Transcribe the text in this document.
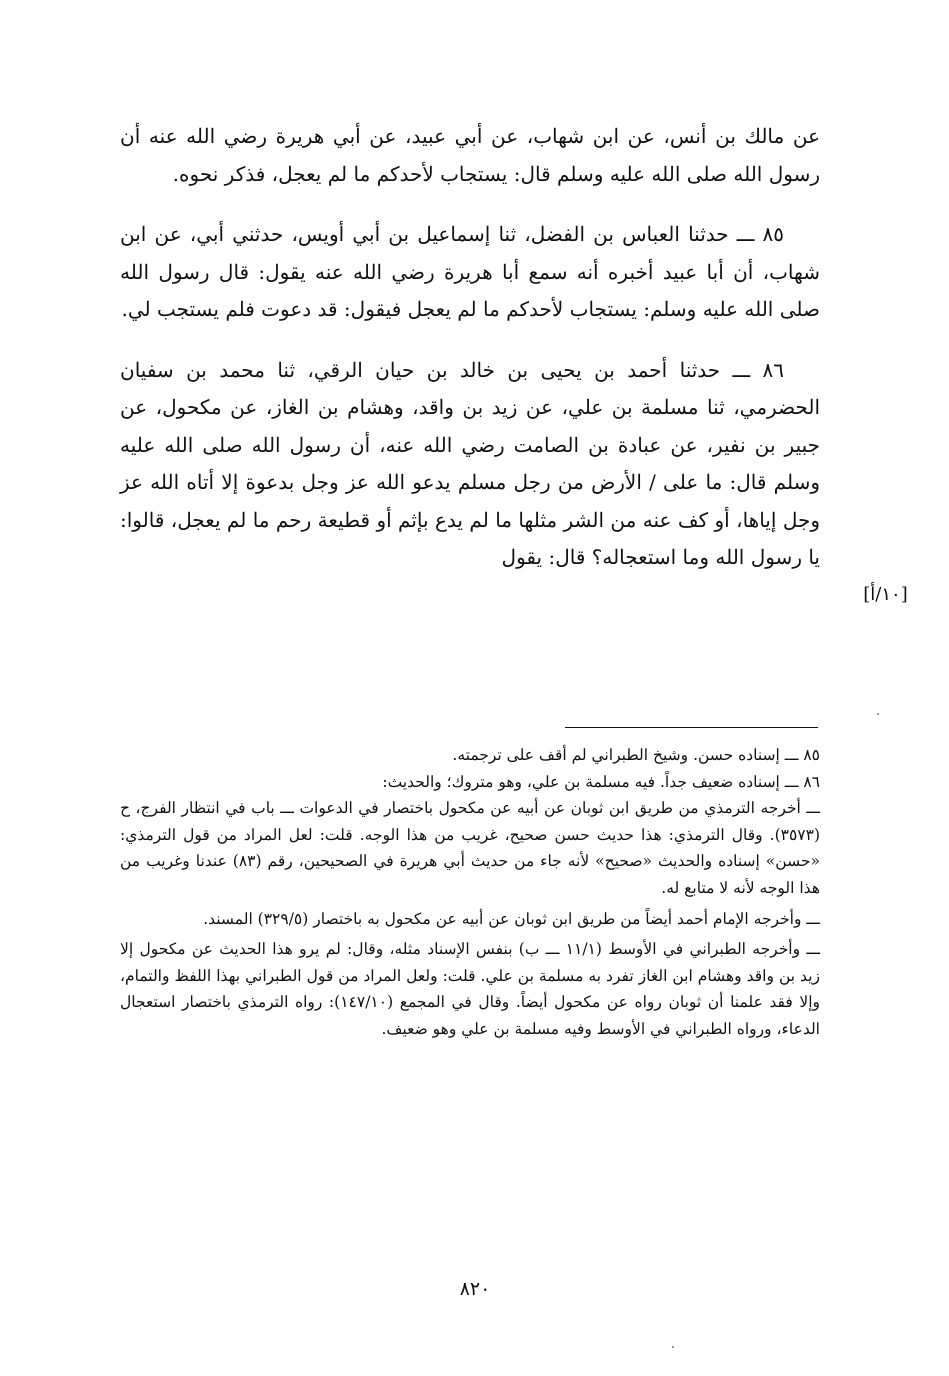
عن مالك بن أنس، عن ابن شهاب، عن أبي عبيد، عن أبي هريرة رضي الله عنه أن رسول الله صلى الله عليه وسلم قال: يستجاب لأحدكم ما لم يعجل، فذكر نحوه.

٨٥ ـــ حدثنا العباس بن الفضل، ثنا إسماعيل بن أبي أويس، حدثني أبي، عن ابن شهاب، أن أبا عبيد أخبره أنه سمع أبا هريرة رضي الله عنه يقول: قال رسول الله صلى الله عليه وسلم: يستجاب لأحدكم ما لم يعجل فيقول: قد دعوت فلم يستجب لي.

٨٦ ـــ حدثنا أحمد بن يحيى بن خالد بن حيان الرقي، ثنا محمد بن سفيان الحضرمي، ثنا مسلمة بن علي، عن زيد بن واقد، وهشام بن الغاز، عن مكحول، عن جبير بن نفير، عن عبادة بن الصامت رضي الله عنه، أن رسول الله صلى الله عليه وسلم قال: ما على / الأرض من رجل مسلم يدعو الله عز وجل بدعوة إلا أتاه الله عز وجل إياها، أو كف عنه من الشر مثلها ما لم يدع بإثم أو قطيعة رحم ما لم يعجل، قالوا: يا رسول الله وما استعجاله؟ قال: يقول

[١٠/أ]

٨٥ ـــ إسناده حسن. وشيخ الطبراني لم أقف على ترجمته.

٨٦ ـــ إسناده ضعيف جداً. فيه مسلمة بن علي، وهو متروك؛ والحديث:

ـــ أخرجه الترمذي من طريق ابن ثوبان عن أبيه عن مكحول باختصار في الدعوات ـــ باب في انتظار الفرج، ح (٣٥٧٣). وقال الترمذي: هذا حديث حسن صحيح، غريب من هذا الوجه. قلت: لعل المراد من قول الترمذي: «حسن» إسناده والحديث «صحيح» لأنه جاء من حديث أبي هريرة في الصحيحين، رقم (٨٣) عندنا وغريب من هذا الوجه لأنه لا متابع له.

ـــ وأخرجه الإمام أحمد أيضاً من طريق ابن ثوبان عن أبيه عن مكحول به باختصار (٣٢٩/٥) المسند.

ـــ وأخرجه الطبراني في الأوسط (١١/١ ـــ ب) بنفس الإسناد مثله، وقال: لم يرو هذا الحديث عن مكحول إلا زيد بن واقد وهشام ابن الغاز تفرد به مسلمة بن علي. قلت: ولعل المراد من قول الطبراني بهذا اللفظ والتمام، وإلا فقد علمنا أن ثوبان رواه عن مكحول أيضاً. وقال في المجمع (١٤٧/١٠): رواه الترمذي باختصار استعجال الدعاء، ورواه الطبراني في الأوسط وفيه مسلمة بن علي وهو ضعيف.

٨٢٠
